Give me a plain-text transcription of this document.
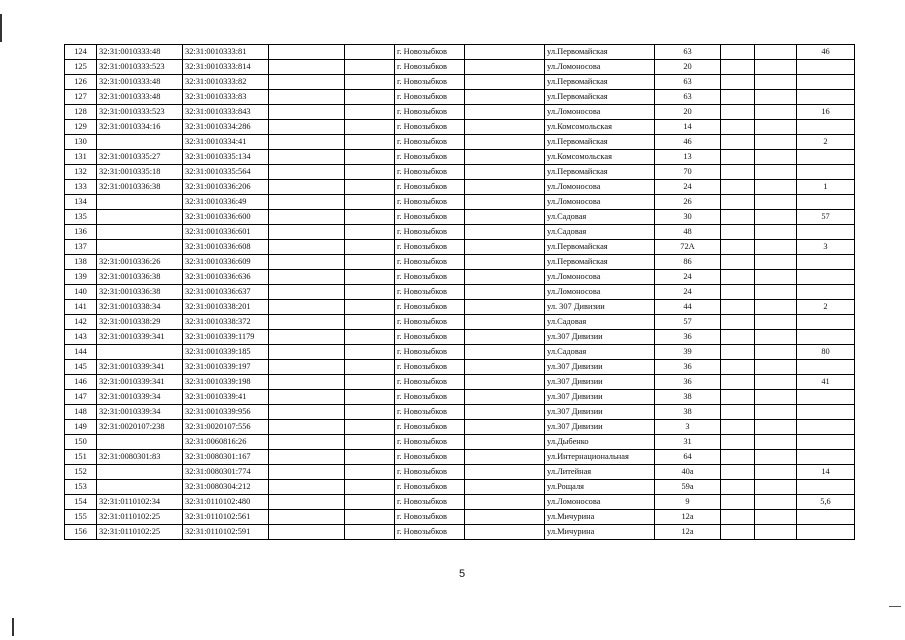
124	32:31:0010333:48	32:31:0010333:81			г. Новозыбков		ул.Первомайская	63			46
125	32:31:0010333:523	32:31:0010333:814			г. Новозыбков		ул.Ломоносова	20			
126	32:31:0010333:48	32:31:0010333:82			г. Новозыбков		ул.Первомайская	63			
127	32:31:0010333:48	32:31:0010333:83			г. Новозыбков		ул.Первомайская	63			
128	32:31:0010333:523	32:31:0010333:843			г. Новозыбков		ул.Ломоносова	20			16
129	32:31:0010334:16	32:31:0010334:286			г. Новозыбков		ул.Комсомольская	14			
130		32:31:0010334:41			г. Новозыбков		ул.Первомайская	46			2
131	32:31:0010335:27	32:31:0010335:134			г. Новозыбков		ул.Комсомольская	13			
132	32:31:0010335:18	32:31:0010335:564			г. Новозыбков		ул.Первомайская	70			
133	32:31:0010336:38	32:31:0010336:206			г. Новозыбков		ул.Ломоносова	24			1
134		32:31:0010336:49			г. Новозыбков		ул.Ломоносова	26			
135		32:31:0010336:600			г. Новозыбков		ул.Садовая	30			57
136		32:31:0010336:601			г. Новозыбков		ул.Садовая	48			
137		32:31:0010336:608			г. Новозыбков		ул.Первомайская	72А			3
138	32:31:0010336:26	32:31:0010336:609			г. Новозыбков		ул.Первомайская	86			
139	32:31:0010336:38	32:31:0010336:636			г. Новозыбков		ул.Ломоносова	24			
140	32:31:0010336:38	32:31:0010336:637			г. Новозыбков		ул.Ломоносова	24			
141	32:31:0010338:34	32:31:0010338:201			г. Новозыбков		ул. 307 Дивизии	44			2
142	32:31:0010338:29	32:31:0010338:372			г. Новозыбков		ул.Садовая	57			
143	32:31:0010339:341	32:31:0010339:1179			г. Новозыбков		ул.307 Дивизии	36			
144		32:31:0010339:185			г. Новозыбков		ул.Садовая	39			80
145	32:31:0010339:341	32:31:0010339:197			г. Новозыбков		ул.307 Дивизии	36			
146	32:31:0010339:341	32:31:0010339:198			г. Новозыбков		ул.307 Дивизии	36			41
147	32:31:0010339:34	32:31:0010339:41			г. Новозыбков		ул.307 Дивизии	38			
148	32:31:0010339:34	32:31:0010339:956			г. Новозыбков		ул.307 Дивизии	38			
149	32:31:0020107:238	32:31:0020107:556			г. Новозыбков		ул.307 Дивизии	3			
150		32:31:0060816:26			г. Новозыбков		ул.Дыбенко	31			
151	32:31:0080301:83	32:31:0080301:167			г. Новозыбков		ул.Интернациональная	64			
152		32:31:0080301:774			г. Новозыбков		ул.Литейная	40а			14
153		32:31:0080304:212			г. Новозыбков		ул.Рощаля	59а			
154	32:31:0110102:34	32:31:0110102:480			г. Новозыбков		ул.Ломоносова	9			5,6
155	32:31:0110102:25	32:31:0110102:561			г. Новозыбков		ул.Мичурина	12а			
156	32:31:0110102:25	32:31:0110102:591			г. Новозыбков		ул.Мичурина	12а			
5
